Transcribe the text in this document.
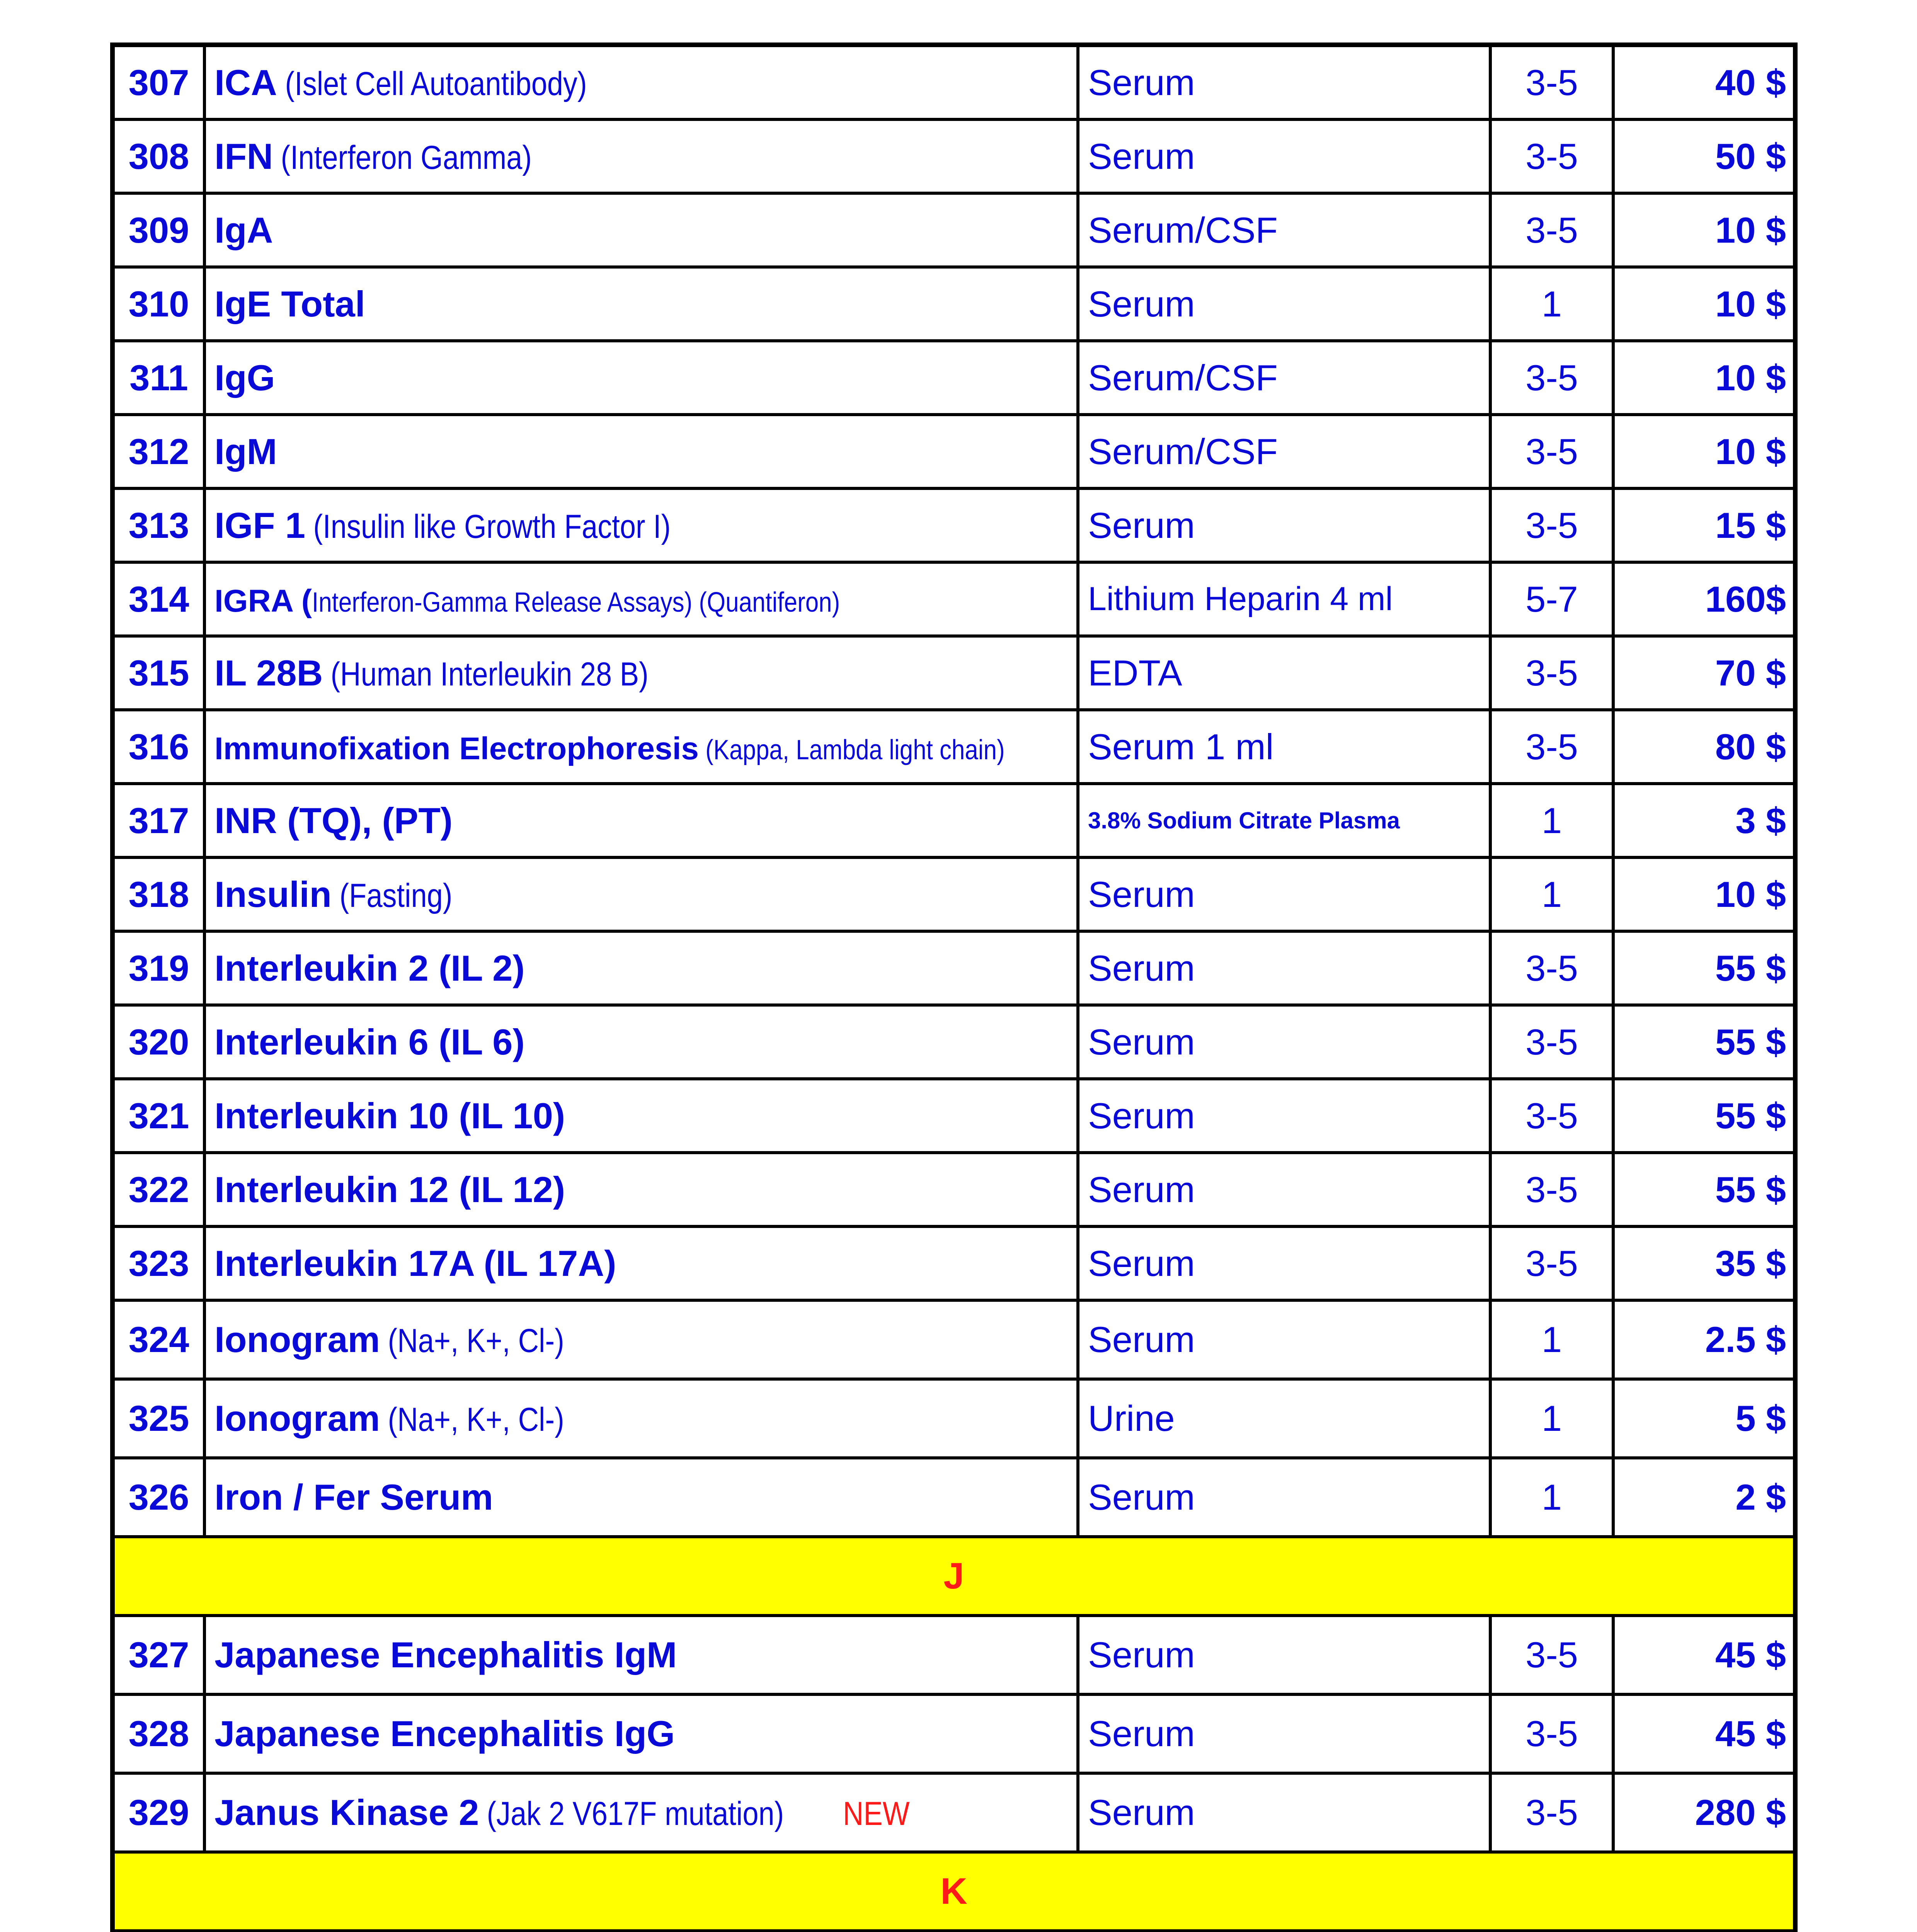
307	ICA (Islet Cell Autoantibody)	Serum	3-5	40 $
308	IFN (Interferon Gamma)	Serum	3-5	50 $
309	IgA	Serum/CSF	3-5	10 $
310	IgE Total	Serum	1	10 $
311	IgG	Serum/CSF	3-5	10 $
312	IgM	Serum/CSF	3-5	10 $
313	IGF 1 (Insulin like Growth Factor I)	Serum	3-5	15 $
314	IGRA (Interferon-Gamma Release Assays) (Quantiferon)	Lithium Heparin 4 ml	5-7	160$
315	IL 28B (Human Interleukin 28 B)	EDTA	3-5	70 $
316	Immunofixation Electrophoresis (Kappa, Lambda light chain)	Serum 1 ml	3-5	80 $
317	INR (TQ), (PT)	3.8% Sodium Citrate Plasma	1	3 $
318	Insulin (Fasting)	Serum	1	10 $
319	Interleukin 2 (IL 2)	Serum	3-5	55 $
320	Interleukin 6 (IL 6)	Serum	3-5	55 $
321	Interleukin 10 (IL 10)	Serum	3-5	55 $
322	Interleukin 12 (IL 12)	Serum	3-5	55 $
323	Interleukin 17A (IL 17A)	Serum	3-5	35 $
324	Ionogram (Na+, K+, Cl-)	Serum	1	2.5 $
325	Ionogram (Na+, K+, Cl-)	Urine	1	5 $
326	Iron / Fer Serum	Serum	1	2 $
J				
327	Japanese Encephalitis IgM	Serum	3-5	45 $
328	Japanese Encephalitis IgG	Serum	3-5	45 $
329	Janus Kinase 2 (Jak 2 V617F mutation) NEW	Serum	3-5	280 $
K				
